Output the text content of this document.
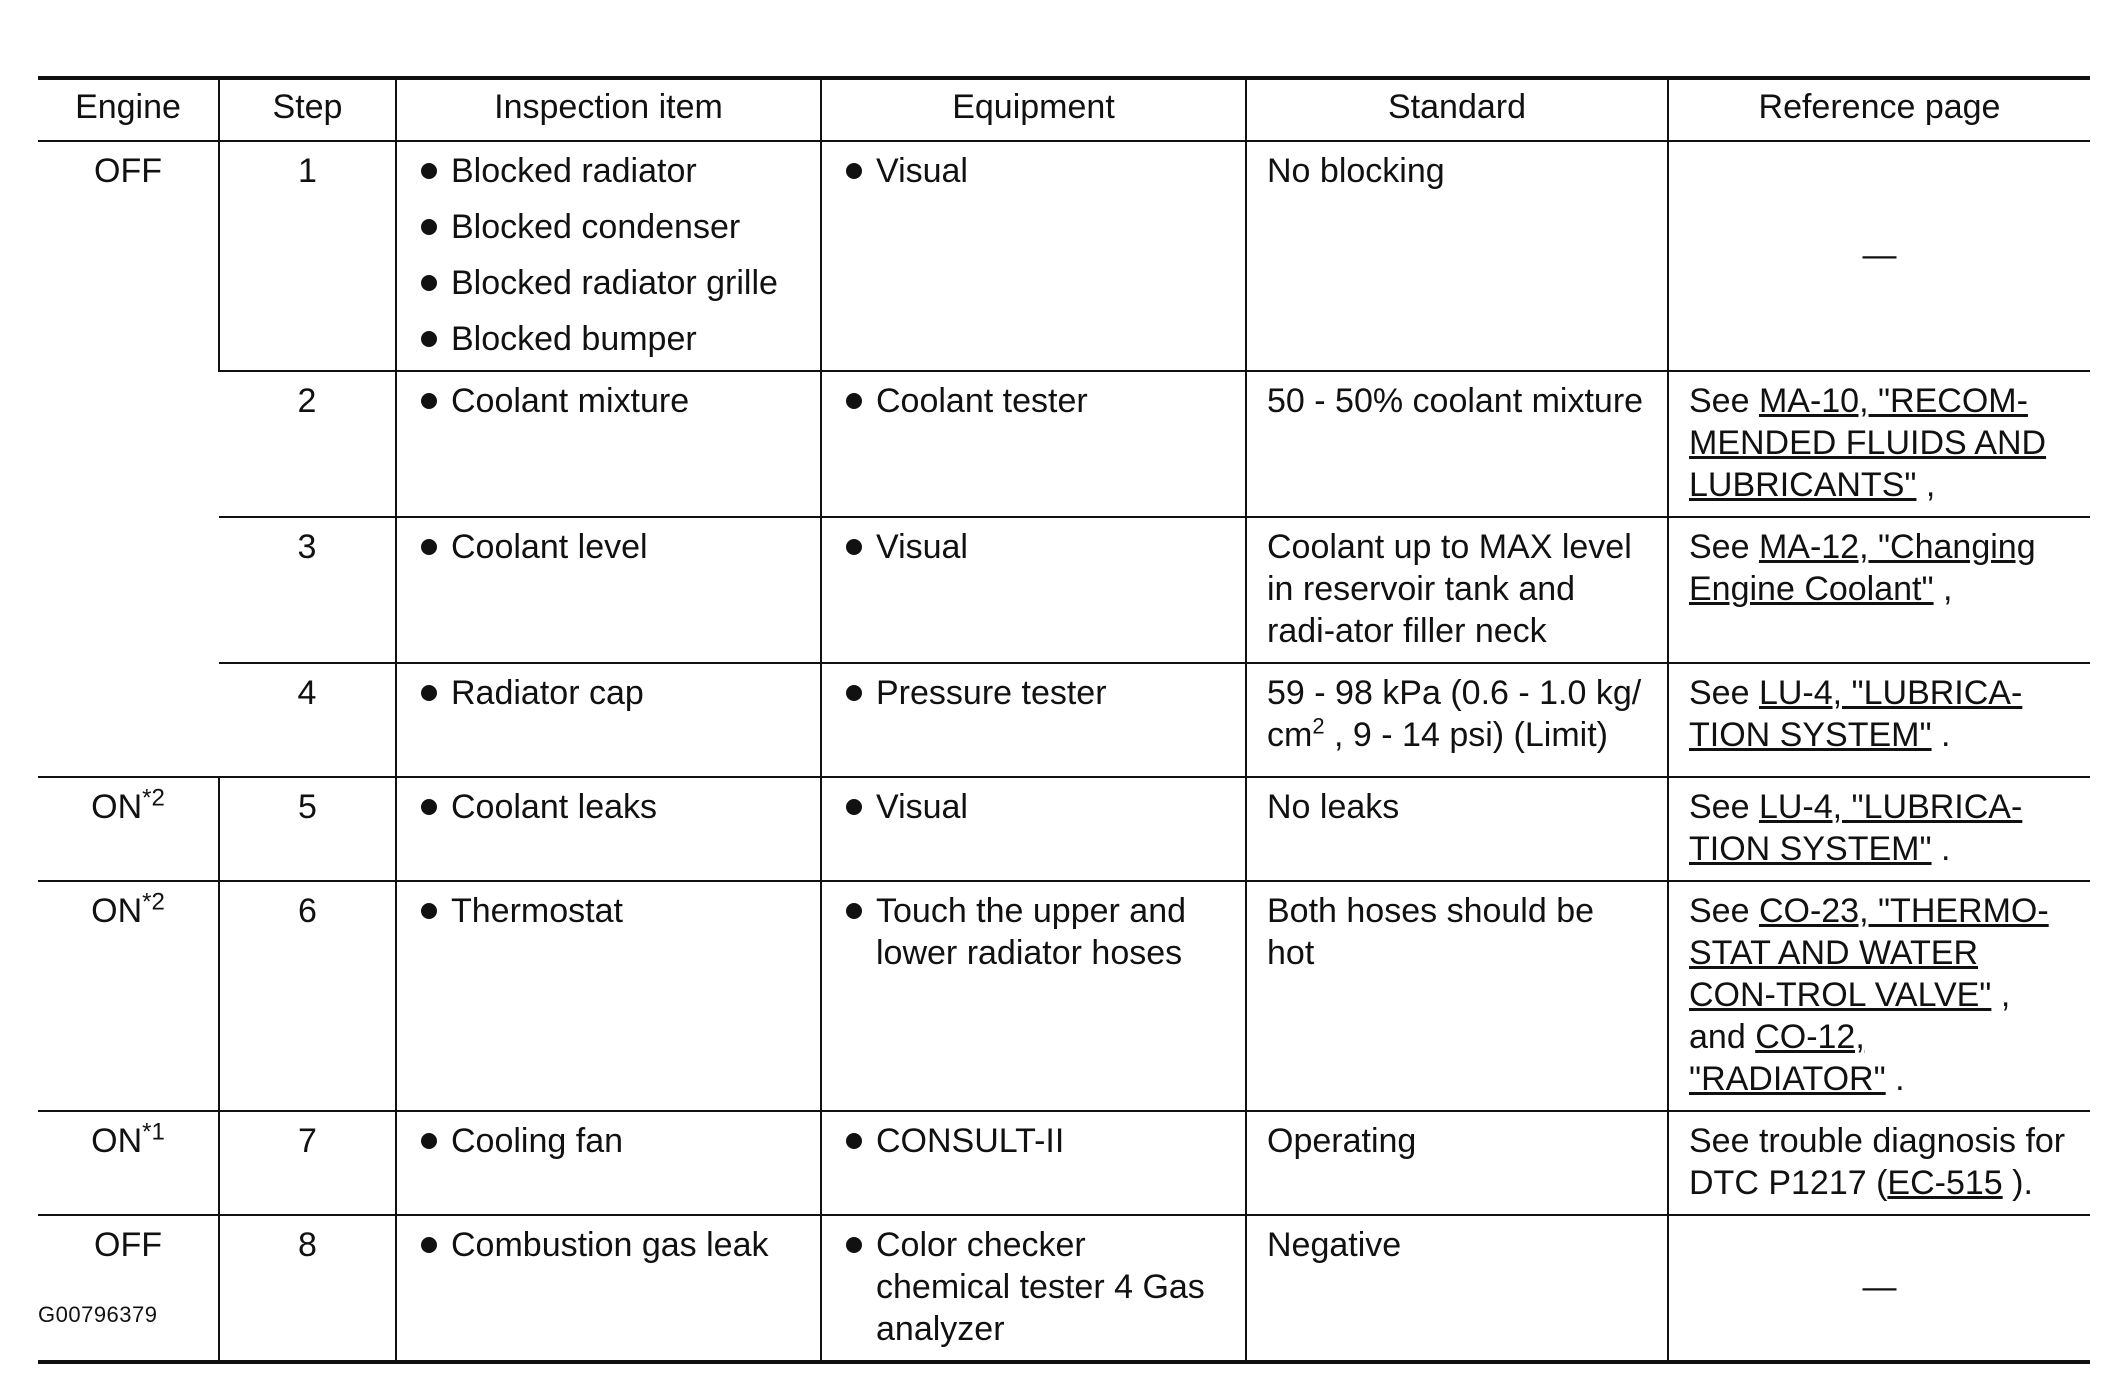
Engine	Step	Inspection item	Equipment	Standard	Reference page
OFF	1	Blocked radiator
Blocked condenser
Blocked radiator grille
Blocked bumper	Visual	No blocking	—
	2	Coolant mixture	Coolant tester	50 - 50% coolant mixture	See MA-10, "RECOM-MENDED FLUIDS AND LUBRICANTS" ,
	3	Coolant level	Visual	Coolant up to MAX level in reservoir tank and radi-ator filler neck	See MA-12, "Changing Engine Coolant" ,
	4	Radiator cap	Pressure tester	59 - 98 kPa (0.6 - 1.0 kg/ $cm^2$ , 9 - 14 psi) (Limit)	See LU-4, "LUBRICA-TION SYSTEM" .
ON$^{*2}$	5	Coolant leaks	Visual	No leaks	See LU-4, "LUBRICA-TION SYSTEM" .
ON$^{*2}$	6	Thermostat	Touch the upper and lower radiator hoses	Both hoses should be hot	See CO-23, "THERMO-STAT AND WATER CON-TROL VALVE" , and CO-12, "RADIATOR" .
ON$^{*1}$	7	Cooling fan	CONSULT-II	Operating	See trouble diagnosis for DTC P1217 (EC-515 ).
OFF	8	Combustion gas leak	Color checker chemical tester 4 Gas analyzer	Negative	—
G00796379
